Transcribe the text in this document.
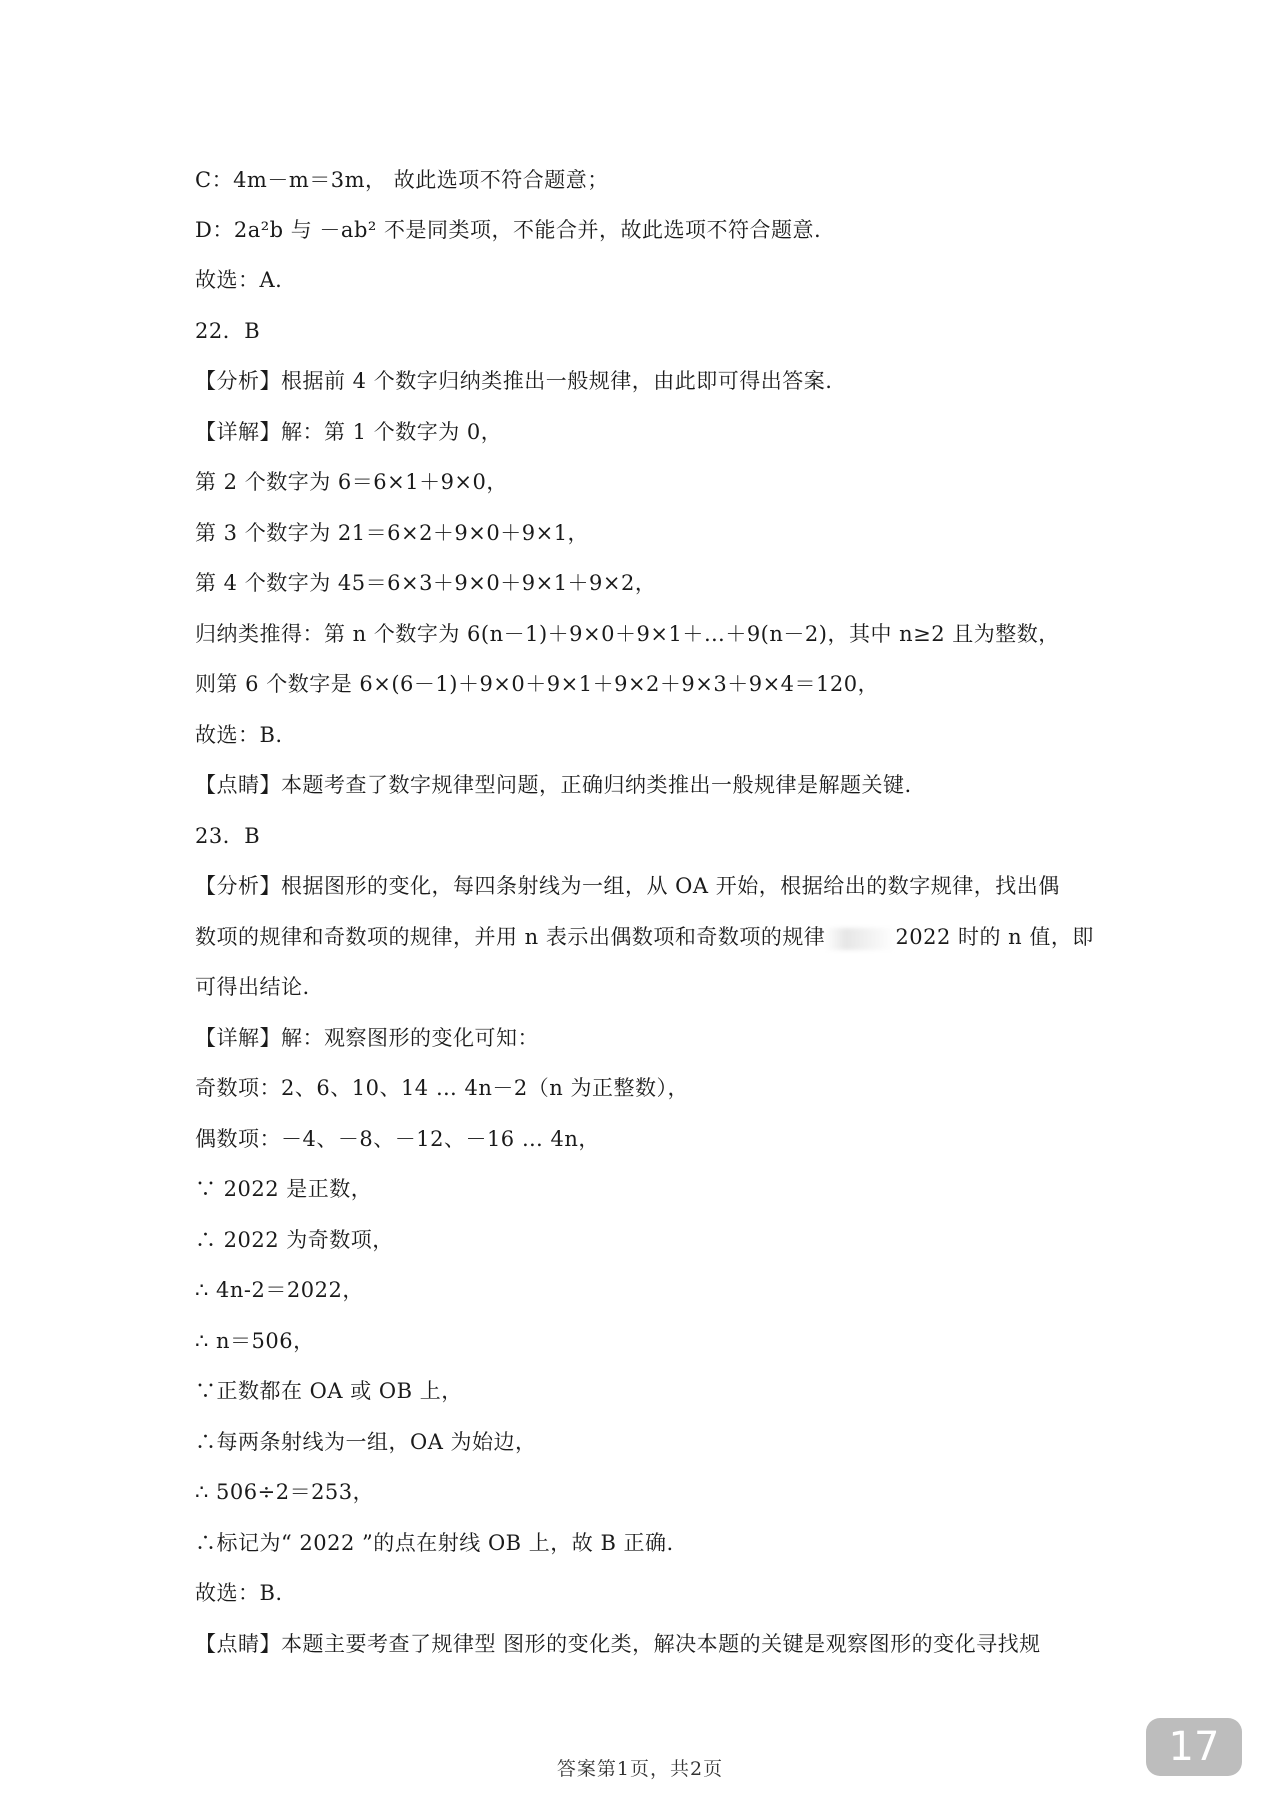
C：4m－m＝3m， 故此选项不符合题意；
D：2a²b 与 －ab² 不是同类项，不能合并，故此选项不符合题意.
故选：A.
22．B
【分析】根据前 4 个数字归纳类推出一般规律，由此即可得出答案.
【详解】解：第 1 个数字为 0，
第 2 个数字为 6＝6×1＋9×0，
第 3 个数字为 21＝6×2＋9×0＋9×1，
第 4 个数字为 45＝6×3＋9×0＋9×1＋9×2，
归纳类推得：第 n 个数字为 6(n－1)＋9×0＋9×1＋…＋9(n－2)，其中 n≥2 且为整数，
则第 6 个数字是 6×(6－1)＋9×0＋9×1＋9×2＋9×3＋9×4＝120，
故选：B.
【点睛】本题考查了数字规律型问题，正确归纳类推出一般规律是解题关键.
23．B
【分析】根据图形的变化，每四条射线为一组，从 OA 开始，根据给出的数字规律，找出偶
数项的规律和奇数项的规律，并用 n 表示出偶数项和奇数项的规律	2022 时的 n 值，即
可得出结论.
【详解】解：观察图形的变化可知：
奇数项：2、6、10、14 … 4n－2（n 为正整数），
偶数项：－4、－8、－12、－16 … 4n，
∵ 2022 是正数，
∴ 2022 为奇数项，
∴ 4n-2＝2022，
∴ n＝506，
∵正数都在 OA 或 OB 上，
∴每两条射线为一组，OA 为始边，
∴ 506÷2＝253，
∴标记为“ 2022 ”的点在射线 OB 上，故 B 正确.
故选：B.
【点睛】本题主要考查了规律型 图形的变化类，解决本题的关键是观察图形的变化寻找规
答案第1页，共2页	17
